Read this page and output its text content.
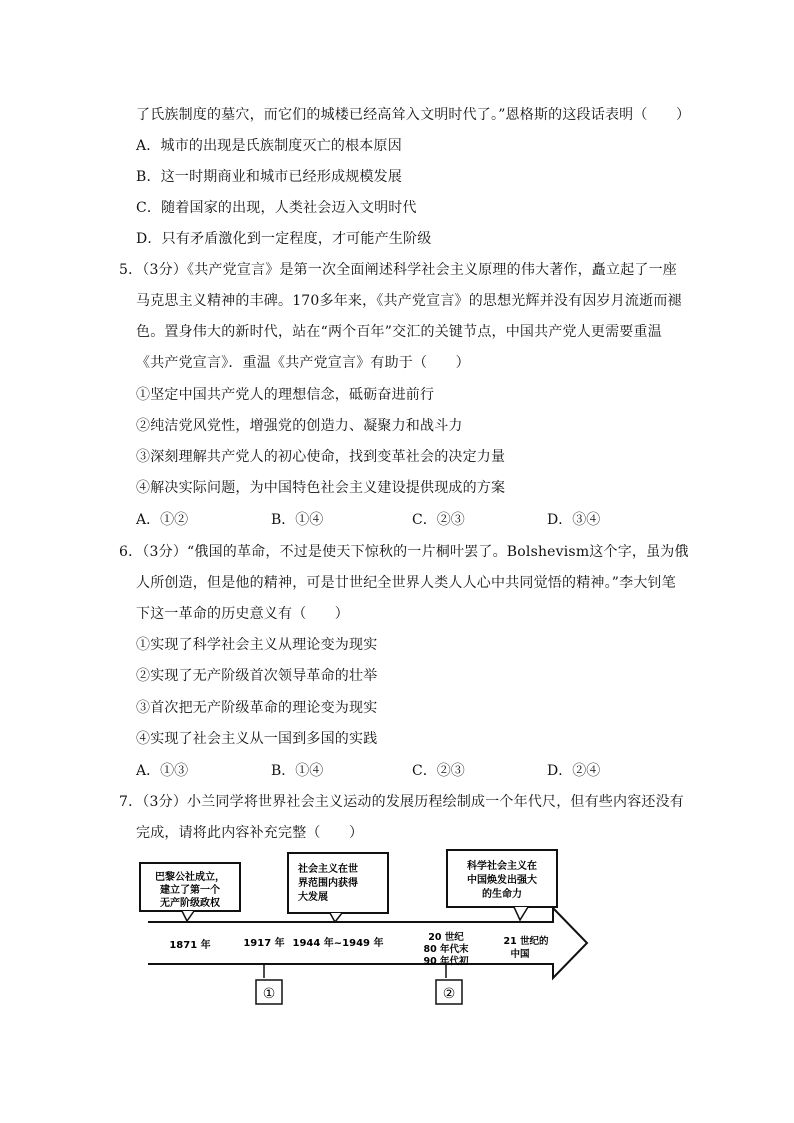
了氏族制度的墓穴，而它们的城楼已经高耸入文明时代了。”恩格斯的这段话表明（　　）
A．城市的出现是氏族制度灭亡的根本原因
B．这一时期商业和城市已经形成规模发展
C．随着国家的出现，人类社会迈入文明时代
D．只有矛盾激化到一定程度，才可能产生阶级
5．（3分）《共产党宣言》是第一次全面阐述科学社会主义原理的伟大著作，矗立起了一座
马克思主义精神的丰碑。170多年来，《共产党宣言》的思想光辉并没有因岁月流逝而褪
色。置身伟大的新时代，站在“两个百年”交汇的关键节点，中国共产党人更需要重温
《共产党宣言》．重温《共产党宣言》有助于（　　）
①坚定中国共产党人的理想信念，砥砺奋进前行
②纯洁党风党性，增强党的创造力、凝聚力和战斗力
③深刻理解共产党人的初心使命，找到变革社会的决定力量
④解决实际问题，为中国特色社会主义建设提供现成的方案
A．①②	B．①④	C．②③	D．③④
6．（3分）“俄国的革命，不过是使天下惊秋的一片桐叶罢了。Bolshevism这个字，虽为俄
人所创造，但是他的精神，可是廿世纪全世界人类人人心中共同觉悟的精神。”李大钊笔
下这一革命的历史意义有（　　）
①实现了科学社会主义从理论变为现实
②实现了无产阶级首次领导革命的壮举
③首次把无产阶级革命的理论变为现实
④实现了社会主义从一国到多国的实践
A．①③	B．①④	C．②③	D．②④
7．（3分）小兰同学将世界社会主义运动的发展历程绘制成一个年代尺，但有些内容还没有
完成，请将此内容补充完整（　　）
巴黎公社成立，
建立了第一个
无产阶级政权
社会主义在世
界范围内获得
大发展
科学社会主义在
中国焕发出强大
的生命力
1871 年	1917 年 1944 年~1949 年
20 世纪
80 年代末
90 年代初
21 世纪的
中国
①	②
